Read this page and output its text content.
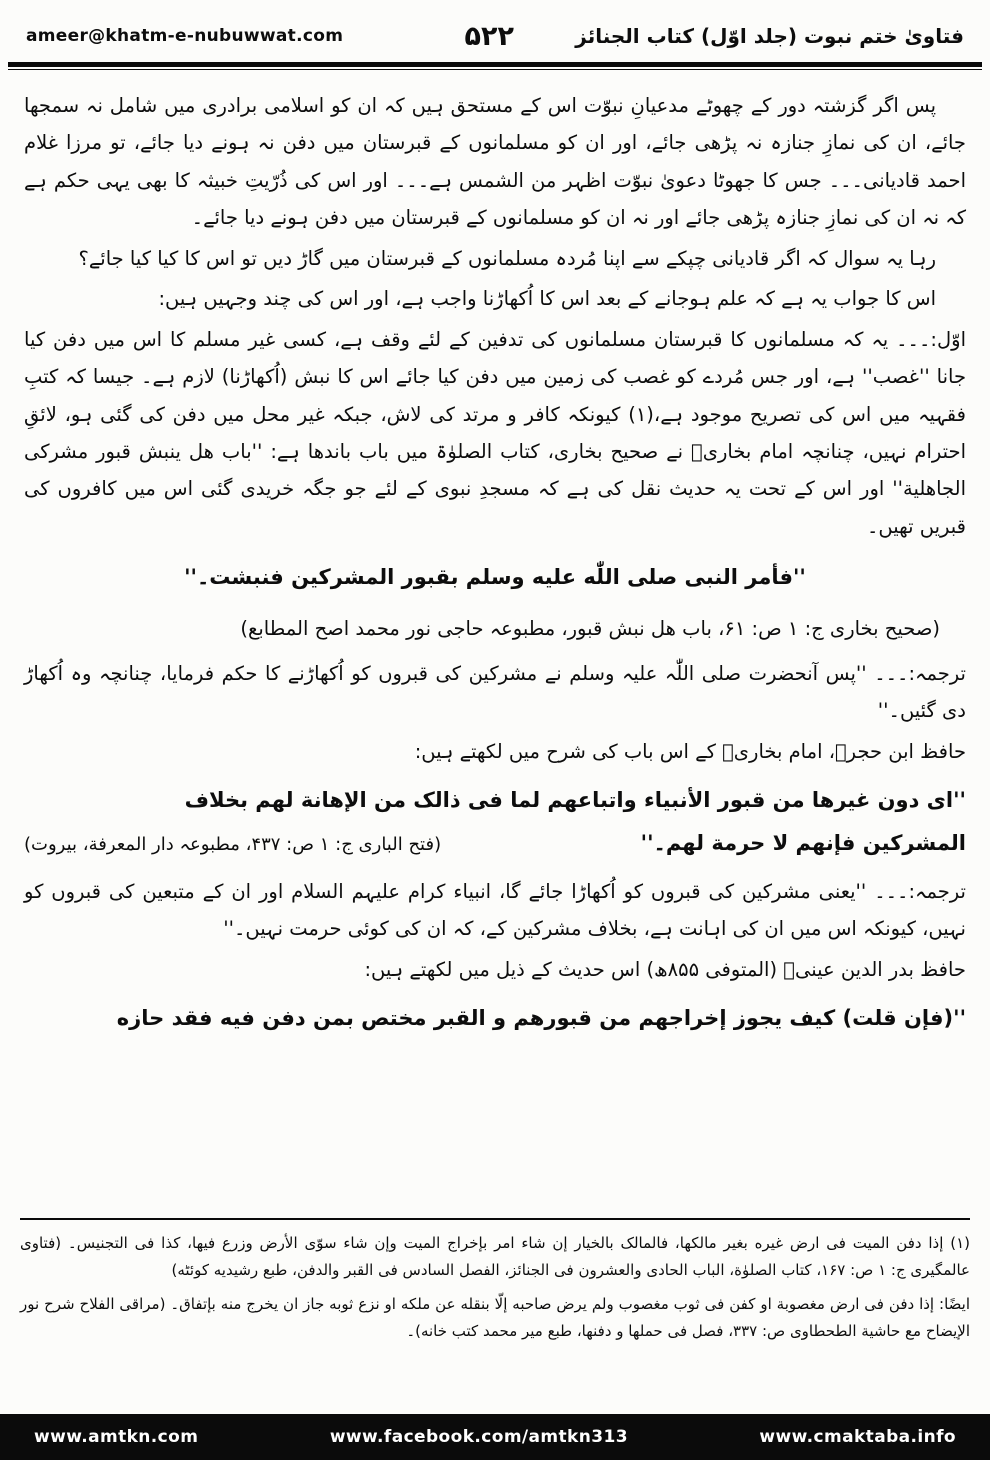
ameer@khatm-e-nubuwwat.com	۵۲۲	فتاویٰ ختم نبوت (جلد اوّل) کتاب الجنائز

پس اگر گزشتہ دور کے چھوٹے مدعیانِ نبوّت اس کے مستحق ہیں کہ ان کو اسلامی برادری میں شامل نہ سمجھا جائے، ان کی نمازِ جنازہ نہ پڑھی جائے، اور ان کو مسلمانوں کے قبرستان میں دفن نہ ہونے دیا جائے، تو مرزا غلام احمد قادیانی۔۔۔ جس کا جھوٹا دعویٰ نبوّت اظہر من الشمس ہے۔۔۔ اور اس کی ذُرّیتِ خبیثہ کا بھی یہی حکم ہے کہ نہ ان کی نمازِ جنازہ پڑھی جائے اور نہ ان کو مسلمانوں کے قبرستان میں دفن ہونے دیا جائے۔

رہا یہ سوال کہ اگر قادیانی چپکے سے اپنا مُردہ مسلمانوں کے قبرستان میں گاڑ دیں تو اس کا کیا کیا جائے؟

اس کا جواب یہ ہے کہ علم ہوجانے کے بعد اس کا اُکھاڑنا واجب ہے، اور اس کی چند وجہیں ہیں:

اوّل:۔۔۔ یہ کہ مسلمانوں کا قبرستان مسلمانوں کی تدفین کے لئے وقف ہے، کسی غیر مسلم کا اس میں دفن کیا جانا ''غصب'' ہے، اور جس مُردے کو غصب کی زمین میں دفن کیا جائے اس کا نبش (اُکھاڑنا) لازم ہے۔ جیسا کہ کتبِ فقہیہ میں اس کی تصریح موجود ہے،(۱) کیونکہ کافر و مرتد کی لاش، جبکہ غیر محل میں دفن کی گئی ہو، لائقِ احترام نہیں، چنانچہ امام بخاریؒ نے صحیح بخاری، کتاب الصلوٰۃ میں باب باندھا ہے: ''باب هل ینبش قبور مشرکی الجاهلیة'' اور اس کے تحت یہ حدیث نقل کی ہے کہ مسجدِ نبوی کے لئے جو جگہ خریدی گئی اس میں کافروں کی قبریں تھیں۔

''فأمر النبی صلی اللّٰه علیه وسلم بقبور المشرکین فنبشت۔''

(صحیح بخاری ج: ۱ ص: ۶۱، باب هل نبش قبور، مطبوعہ حاجی نور محمد اصح المطابع)

ترجمہ:۔۔۔ ''پس آنحضرت صلی اللّٰہ علیہ وسلم نے مشرکین کی قبروں کو اُکھاڑنے کا حکم فرمایا، چنانچہ وہ اُکھاڑ دی گئیں۔''

حافظ ابن حجرؒ، امام بخاریؒ کے اس باب کی شرح میں لکھتے ہیں:

''ای دون غیرها من قبور الأنبیاء واتباعهم لما فی ذالک من الإهانة لهم بخلاف

المشرکین فإنهم لا حرمة لهم۔''
(فتح الباری ج: ۱ ص: ۴۳۷، مطبوعہ دار المعرفة، بیروت)

ترجمہ:۔۔۔ ''یعنی مشرکین کی قبروں کو اُکھاڑا جائے گا، انبیاء کرام علیہم السلام اور ان کے متبعین کی قبروں کو نہیں، کیونکہ اس میں ان کی اہانت ہے، بخلاف مشرکین کے، کہ ان کی کوئی حرمت نہیں۔''

حافظ بدر الدین عینیؒ (المتوفی ۸۵۵ھ) اس حدیث کے ذیل میں لکھتے ہیں:

''(فإن قلت) کیف یجوز إخراجهم من قبورهم و القبر مختص بمن دفن فیه فقد حازه

(۱) إذا دفن المیت فی ارض غیره بغیر مالکها، فالمالک بالخیار إن شاء امر بإخراج المیت وإن شاء سوّی الأرض وزرع فیها، کذا فی التجنیس۔ (فتاوی عالمگیری ج: ۱ ص: ۱۶۷، کتاب الصلوٰة، الباب الحادی والعشرون فی الجنائز، الفصل السادس فی القبر والدفن، طبع رشیدیه کوئٹه)

ایضًا: إذا دفن فی ارض مغصوبة او کفن فی ثوب مغصوب ولم یرض صاحبه إلّا بنقله عن ملکه او نزع ثوبه جاز ان یخرج منه بإتفاق۔ (مراقی الفلاح شرح نور الإیضاح مع حاشیة الطحطاوی ص: ۳۳۷، فصل فی حملها و دفنها، طبع میر محمد کتب خانه)۔

www.amtkn.com	www.facebook.com/amtkn313	www.cmaktaba.info
